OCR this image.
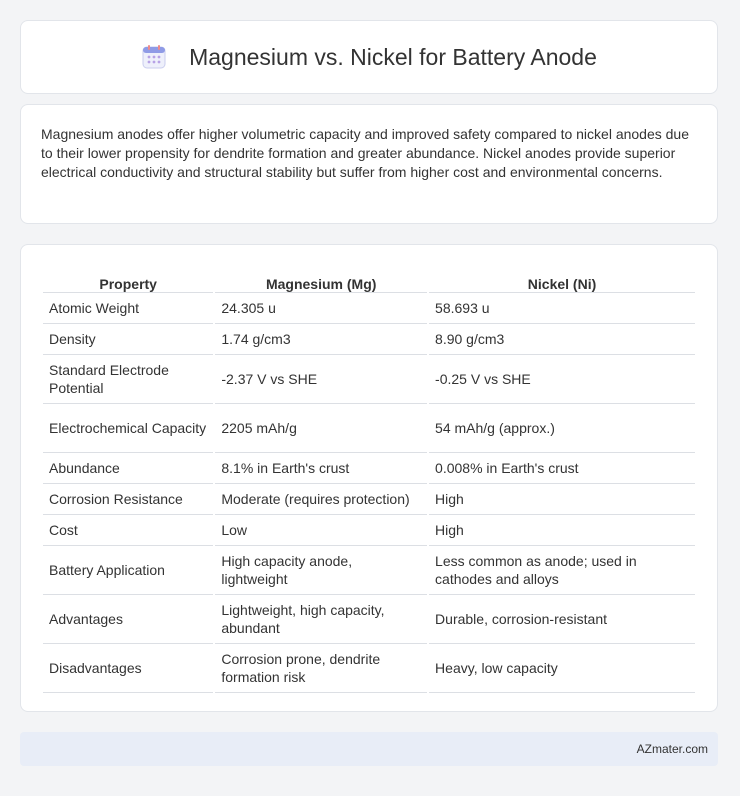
Magnesium vs. Nickel for Battery Anode

Magnesium anodes offer higher volumetric capacity and improved safety compared to nickel anodes due to their lower propensity for dendrite formation and greater abundance. Nickel anodes provide superior electrical conductivity and structural stability but suffer from higher cost and environmental concerns.

Property	Magnesium (Mg)	Nickel (Ni)
Atomic Weight	24.305 u	58.693 u
Density	1.74 g/cm3	8.90 g/cm3
Standard Electrode Potential	-2.37 V vs SHE	-0.25 V vs SHE
Electrochemical Capacity	2205 mAh/g	54 mAh/g (approx.)
Abundance	8.1% in Earth's crust	0.008% in Earth's crust
Corrosion Resistance	Moderate (requires protection)	High
Cost	Low	High
Battery Application	High capacity anode, lightweight	Less common as anode; used in cathodes and alloys
Advantages	Lightweight, high capacity, abundant	Durable, corrosion-resistant
Disadvantages	Corrosion prone, dendrite formation risk	Heavy, low capacity
AZmater.com
